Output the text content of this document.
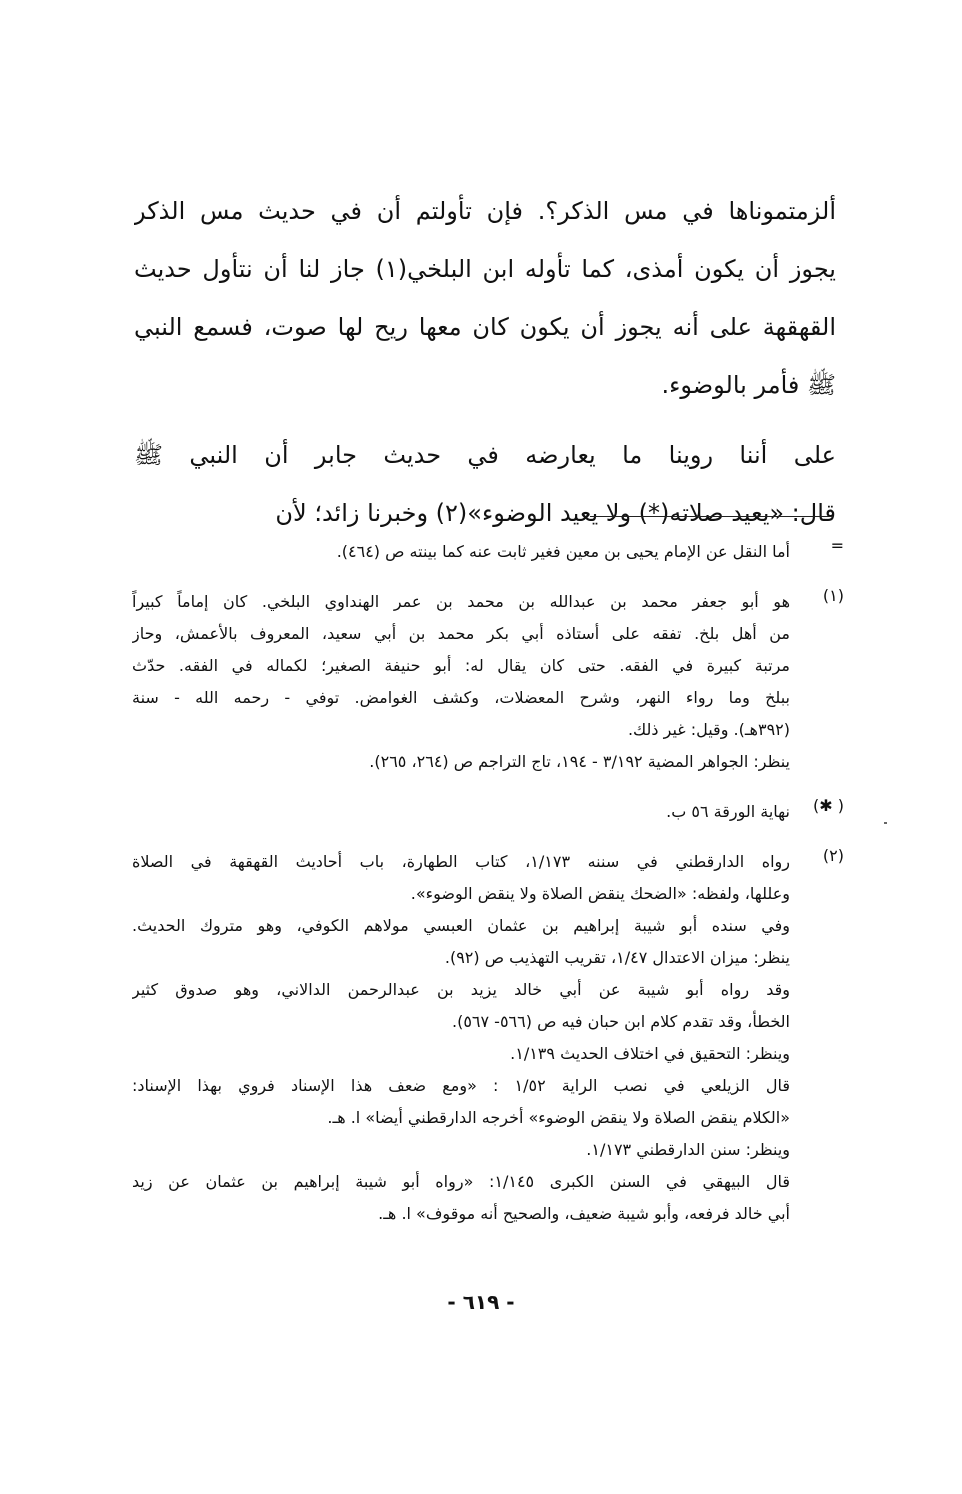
ألزمتموناها في مس الذكر؟. فإن تأولتم أن في حديث مس الذكر
يجوز أن يكون أمذى، كما تأوله ابن البلخي(١) جاز لنا أن نتأول حديث
القهقهة على أنه يجوز أن يكون كان معها ريح لها صوت، فسمع النبي
ﷺ فأمر بالوضوء.
على أننا روينا ما يعارضه في حديث جابر أن النبي ﷺ
قال: «يعيد صلاته(*) ولا يعيد الوضوء»(٢) وخبرنا زائد؛ لأن
=
أما النقل عن الإمام يحيى بن معين فغير ثابت عنه كما بينته ص (٤٦٤).
(١)
هو أبو جعفر محمد بن عبدالله بن محمد بن عمر الهنداوي البلخي. كان إماماً كبيراً
من أهل بلخ. تفقه على أستاذه أبي بكر محمد بن أبي سعيد، المعروف بالأعمش، وحاز
مرتبة كبيرة في الفقه. حتى كان يقال له: أبو حنيفة الصغير؛ لكماله في الفقه. حدّث
ببلخ وما رواء النهر، وشرح المعضلات، وكشف الغوامض. توفي - رحمه الله - سنة
(٣٩٢هـ). وقيل: غير ذلك.
ينظر: الجواهر المضية ٣/١٩٢ - ١٩٤، تاج التراجم ص (٢٦٤، ٢٦٥).
( ✱)
نهاية الورقة ٥٦ ب.
(٢)
رواه الدارقطني في سننه ١/١٧٣، كتاب الطهارة، باب أحاديث القهقهة في الصلاة
وعللها، ولفظه: «الضحك ينقض الصلاة ولا ينقض الوضوء».
وفي سنده أبو شيبة إبراهيم بن عثمان العبسي مولاهم الكوفي، وهو متروك الحديث.
ينظر: ميزان الاعتدال ١/٤٧، تقريب التهذيب ص (٩٢).
وقد رواه أبو شيبة عن أبي خالد يزيد بن عبدالرحمن الدالاني، وهو صدوق كثير
الخطأ، وقد تقدم كلام ابن حبان فيه ص (٥٦٦- ٥٦٧).
وينظر: التحقيق في اختلاف الحديث ١/١٣٩.
قال الزيلعي في نصب الراية ١/٥٢ : «ومع ضعف هذا الإسناد فروي بهذا الإسناد:
«الكلام ينقض الصلاة ولا ينقض الوضوء» أخرجه الدارقطني أيضا» ا. هـ.
وينظر: سنن الدارقطني ١/١٧٣.
قال البيهقي في السنن الكبرى ١/١٤٥: «رواه أبو شيبة إبراهيم بن عثمان عن زيد
أبي خالد فرفعه، وأبو شيبة ضعيف، والصحيح أنه موقوف» ا. هـ.
- ٦١٩ -
